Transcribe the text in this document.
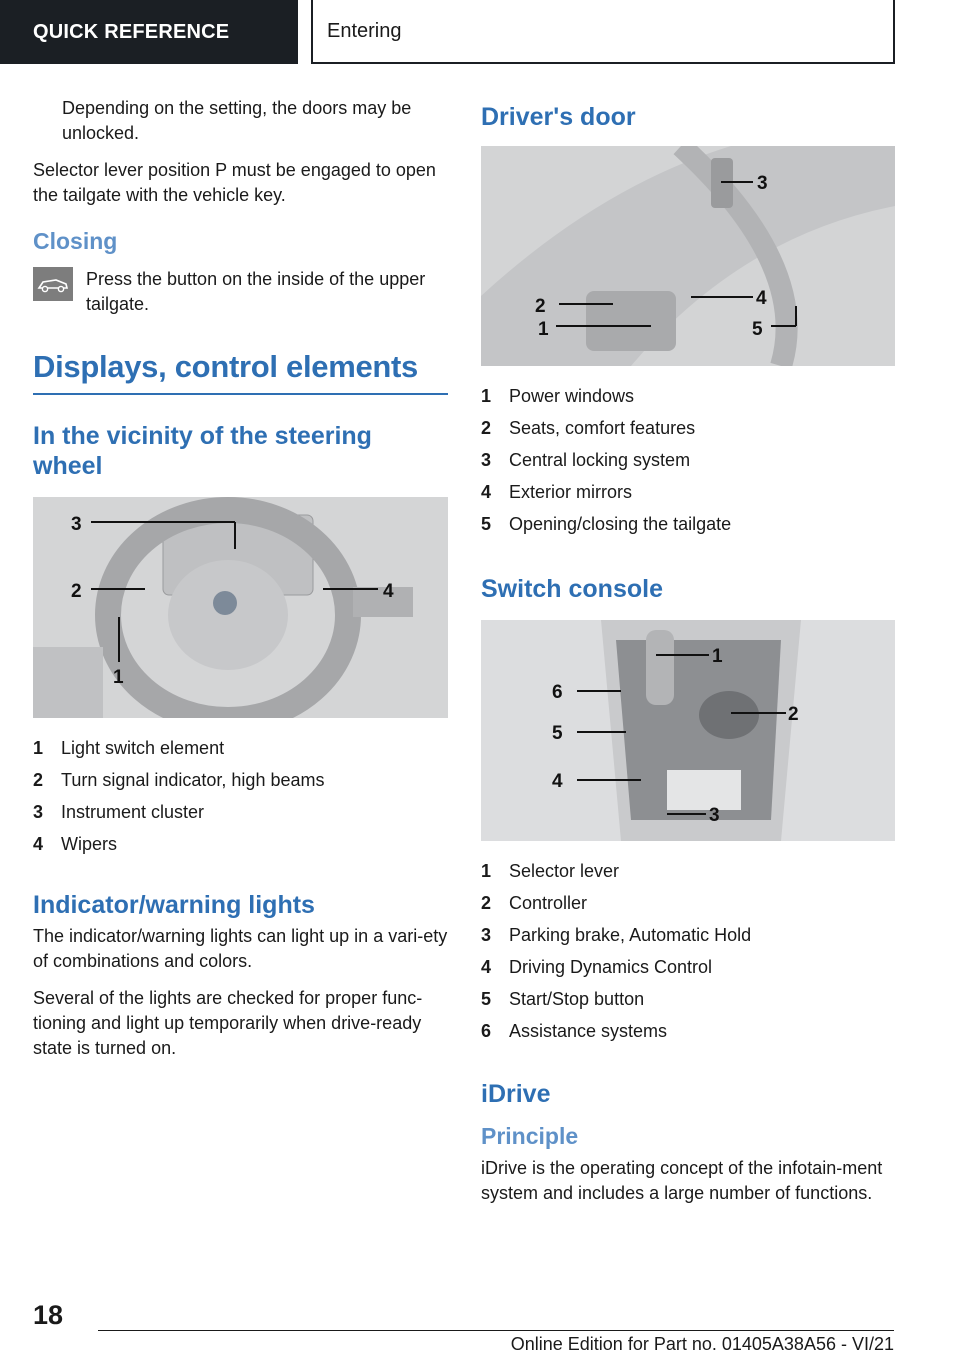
QUICK REFERENCE	Entering

Depending on the setting, the doors may be unlocked.

Selector lever position P must be engaged to open the tailgate with the vehicle key.

Closing

Press the button on the inside of the upper tailgate.

Displays, control elements
In the vicinity of the steering wheel
3
2	4
1
1 Light switch element
2 Turn signal indicator, high beams
3 Instrument cluster
4 Wipers
Indicator/warning lights

The indicator/warning lights can light up in a vari‐ety of combinations and colors.

Several of the lights are checked for proper func‐tioning and light up temporarily when drive-ready state is turned on.

Driver's door
3
2	4
1	5
1 Power windows
2 Seats, comfort features
3 Central locking system
4 Exterior mirrors
5 Opening/closing the tailgate
Switch console
1
6
2
5
4
3
1 Selector lever
2 Controller
3 Parking brake, Automatic Hold
4 Driving Dynamics Control
5 Start/Stop button
6 Assistance systems
iDrive
Principle

iDrive is the operating concept of the infotain‐ment system and includes a large number of functions.

18
Online Edition for Part no. 01405A38A56 - VI/21
